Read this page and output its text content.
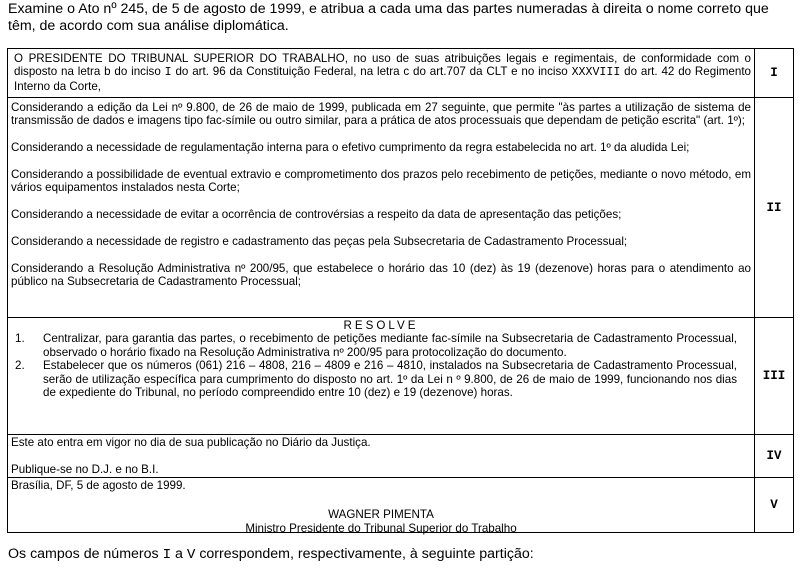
Examine o Ato nº 245, de 5 de agosto de 1999, e atribua a cada uma das partes numeradas à direita o nome correto que têm, de acordo com sua análise diplomática.

O PRESIDENTE DO TRIBUNAL SUPERIOR DO TRABALHO, no uso de suas atribuições legais e regimentais, de conformidade com o disposto na letra b do inciso I do art. 96 da Constituição Federal, na letra c do art.707 da CLT e no inciso XXXVIII do art. 42 do Regimento Interno da Corte,

I

Considerando a edição da Lei nº 9.800, de 26 de maio de 1999, publicada em 27 seguinte, que permite "às partes a utilização de sistema de transmissão de dados e imagens tipo fac-símile ou outro similar, para a prática de atos processuais que dependam de petição escrita" (art. 1º);

Considerando a necessidade de regulamentação interna para o efetivo cumprimento da regra estabelecida no art. 1º da aludida Lei;

Considerando a possibilidade de eventual extravio e comprometimento dos prazos pelo recebimento de petições, mediante o novo método, em vários equipamentos instalados nesta Corte;

Considerando a necessidade de evitar a ocorrência de controvérsias a respeito da data de apresentação das petições;

Considerando a necessidade de registro e cadastramento das peças pela Subsecretaria de Cadastramento Processual;

Considerando a Resolução Administrativa nº 200/95, que estabelece o horário das 10 (dez) às 19 (dezenove) horas para o atendimento ao público na Subsecretaria de Cadastramento Processual;

II

RESOLVE

1.	Centralizar, para garantia das partes, o recebimento de petições mediante fac-símile na Subsecretaria de Cadastramento Processual, observado o horário fixado na Resolução Administrativa nº 200/95 para protocolização do documento.
2.	Estabelecer que os números (061) 216 – 4808, 216 – 4809 e 216 – 4810, instalados na Subsecretaria de Cadastramento Processual, serão de utilização específica para cumprimento do disposto no art. 1º da Lei n º 9.800, de 26 de maio de 1999, funcionando nos dias de expediente do Tribunal, no período compreendido entre 10 (dez) e 19 (dezenove) horas.
III

Este ato entra em vigor no dia de sua publicação no Diário da Justiça.

Publique-se no D.J. e no B.I.

IV

Brasília, DF, 5 de agosto de 1999.

WAGNER PIMENTA

Ministro Presidente do Tribunal Superior do Trabalho

V
Os campos de números I a V correspondem, respectivamente, à seguinte partição:
